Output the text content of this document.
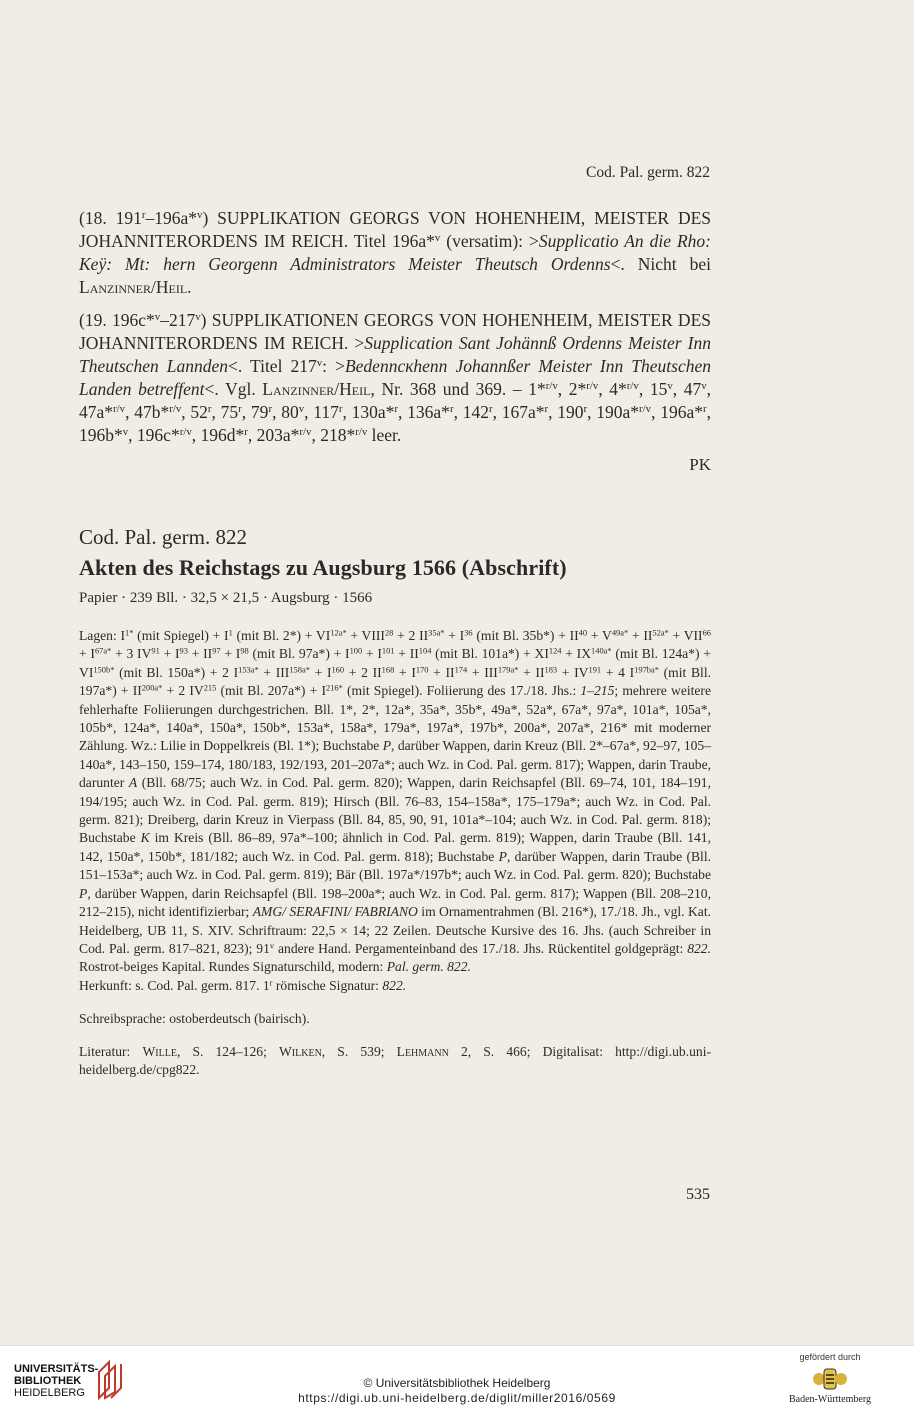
Cod. Pal. germ. 822
(18. 191$^r$–196a*$^v$) SUPPLIKATION GEORGS VON HOHENHEIM, MEISTER DES JOHANNITERORDENS IM REICH. Titel 196a*$^v$ (versatim): >Supplicatio An die Rho: Keÿ: Mt: hern Georgenn Administrators Meister Theutsch Ordenns<. Nicht bei Lanzinner/Heil.
(19. 196c*$^v$–217$^v$) SUPPLIKATIONEN GEORGS VON HOHENHEIM, MEISTER DES JOHANNITERORDENS IM REICH. >Supplication Sant Johännß Ordenns Meister Inn Theutschen Lannden<. Titel $217^v$: >Bedenncкhenn Johannßer Meister Inn Theutschen Landen betreffent<. Vgl. Lanzinner/Heil, Nr. 368 und 369. – 1*$^{r/v}$, 2*$^{r/v}$, 4*$^{r/v}$, 15$^v$, 47$^v$, 47a*$^{r/v}$, 47b*$^{r/v}$, 52$^r$, 75$^r$, 79$^r$, 80$^v$, 117$^r$, 130a*$^r$, 136a*$^r$, 142$^r$, 167a*$^r$, 190$^r$, 190a*$^{r/v}$, 196a*$^r$, 196b*$^v$, 196c*$^{r/v}$, 196d*$^r$, 203a*$^{r/v}$, 218*$^{r/v}$ leer.
PK
Cod. Pal. germ. 822
Akten des Reichstags zu Augsburg 1566 (Abschrift)
Papier · 239 Bll. · 32,5 × 21,5 · Augsburg · 1566
Lagen: $I^{1*}$ (mit Spiegel) + $I^1$ (mit Bl. $2*) + VI^{12a*}$ + $VIII^{28} + 2$ $II^{35a*} + I^{36}$ (mit Bl. $35b*) + II^{40} + V^{49a*} + II^{52a*} + VII^{66} + I^{67a*} + 3$ $IV^{91} + I^{93} + II^{97} + I^{98}$ (mit Bl. $97a*) + I^{100} + I^{101} + II^{104}$ (mit Bl. $101a*) + XI^{124} + IX^{140a*}$ (mit Bl. $124a*) + VI^{150b*}$ (mit Bl. 150a*) + 2 $I^{153a*} + III^{158a*} + I^{160} + 2$ $II^{168} + I^{170} + II^{174} + III^{179a*} + II^{183} + IV^{191} + 4$ $I^{197ba*}$ (mit Bll. $197a*) + II^{200a*} + 2$ IV$^{215}$ (mit Bl. $207a*) + I^{216*}$ (mit Spiegel). Foliierung des 17./18. Jhs.: 1–215; mehrere weitere fehlerhafte Foliierungen durchgestrichen. Bll. 1*, 2*, 12a*, 35a*, 35b*, 49a*, 52a*, 67a*, 97a*, 101a*, 105a*, 105b*, 124a*, 140a*, 150a*, 150b*, 153a*, 158a*, 179a*, 197a*, 197b*, 200a*, 207a*, 216* mit moderner Zählung. Wz.: Lilie in Doppelkreis (Bl. 1*); Buchstabe P, darüber Wappen, darin Kreuz (Bll. 2*–67a*, 92–97, 105–140a*, 143–150, 159–174, 180/183, 192/193, 201–207a*; auch Wz. in Cod. Pal. germ. 817); Wappen, darin Traube, darunter A (Bll. 68/75; auch Wz. in Cod. Pal. germ. 820); Wappen, darin Reichsapfel (Bll. 69–74, 101, 184–191, 194/195; auch Wz. in Cod. Pal. germ. 819); Hirsch (Bll. 76–83, 154–158a*, 175–179a*; auch Wz. in Cod. Pal. germ. 821); Dreiberg, darin Kreuz in Vierpass (Bll. 84, 85, 90, 91, 101a*–104; auch Wz. in Cod. Pal. germ. 818); Buchstabe K im Kreis (Bll. 86–89, 97a*–100; ähnlich in Cod. Pal. germ. 819); Wappen, darin Traube (Bll. 141, 142, 150a*, 150b*, 181/182; auch Wz. in Cod. Pal. germ. 818); Buchstabe P, darüber Wappen, darin Traube (Bll. 151–153a*; auch Wz. in Cod. Pal. germ. 819); Bär (Bll. 197a*/197b*; auch Wz. in Cod. Pal. germ. 820); Buchstabe P, darüber Wappen, darin Reichsapfel (Bll. 198–200a*; auch Wz. in Cod. Pal. germ. 817); Wappen (Bll. 208–210, 212–215), nicht identifizierbar; AMG/ SERAFINI/ FABRIANO im Ornamentrahmen (Bl. 216*), 17./18. Jh., vgl. Kat. Heidelberg, UB 11, S. XIV. Schriftraum: 22,5 × 14; 22 Zeilen. Deutsche Kursive des 16. Jhs. (auch Schreiber in Cod. Pal. germ. 817–821, 823); 91$^v$ andere Hand. Pergamenteinband des 17./18. Jhs. Rückentitel goldgeprägt: 822. Rostrot-beiges Kapital. Rundes Signaturschild, modern: Pal. germ. 822.
Herkunft: s. Cod. Pal. germ. 817. 1$^r$ römische Signatur: 822.
Schreibsprache: ostoberdeutsch (bairisch).
Literatur: Wille, S. 124–126; Wilken, S. 539; Lehmann 2, S. 466; Digitalisat: http://digi.ub.uni-heidelberg.de/cpg822.
535
UNIVERSITÄTS-
BIBLIOTHEK
HEIDELBERG
© Universitätsbibliothek Heidelberg
https://digi.ub.uni-heidelberg.de/diglit/miller2016/0569
gefördert durch
Baden-Württemberg
